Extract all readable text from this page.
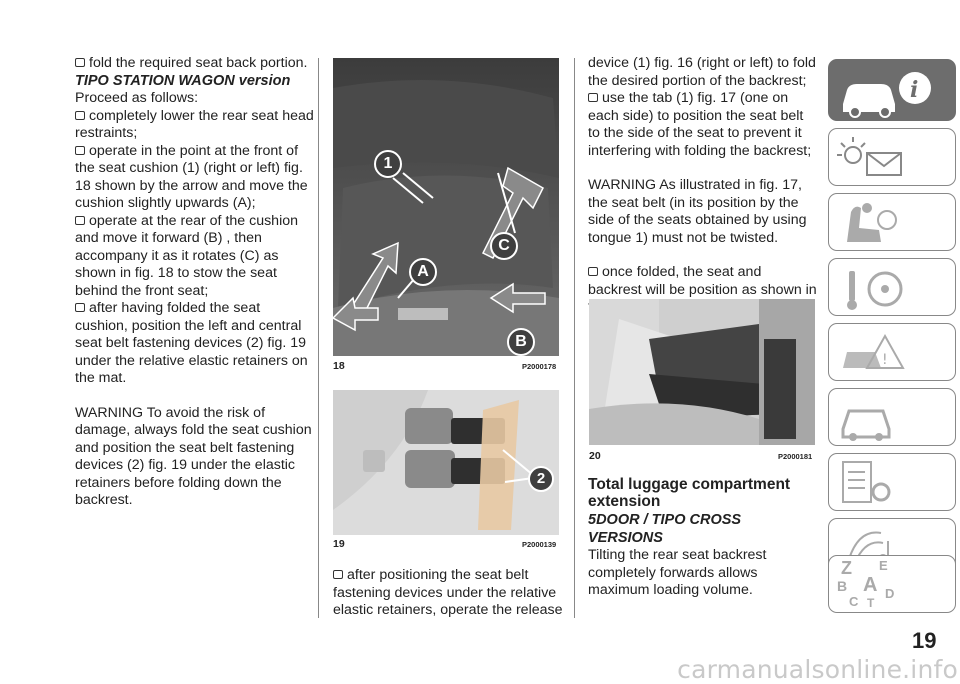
fold the required seat back portion.

TIPO STATION WAGON version

Proceed as follows:

completely lower the rear seat head restraints;

operate in the point at the front of the seat cushion (1) (right or left) fig. 18 shown by the arrow and move the cushion slightly upwards (A);

operate at the rear of the cushion and move it forward (B) , then accompany it as it rotates (C) as shown in fig. 18 to stow the seat behind the front seat;

after having folded the seat cushion, position the left and central seat belt fastening devices (2) fig. 19 under the relative elastic retainers on the mat.

WARNING To avoid the risk of damage, always fold the seat cushion and position the seat belt fastening devices (2) fig. 19 under the elastic retainers before folding down the backrest.

1
C
A
B
18	P2000178
2
19	P2000139

after positioning the seat belt fastening devices under the relative elastic retainers, operate the release

device (1) fig. 16 (right or left) to fold the desired portion of the backrest;

use the tab (1) fig. 17 (one on each side) to position the seat belt to the side of the seat to prevent it interfering with folding the backrest;

WARNING As illustrated in fig. 17, the seat belt (in its position by the side of the seats obtained by using tongue 1) must not be twisted.

once folded, the seat and backrest will be position as shown in

20	P2000181

Total luggage compartment extension

5DOOR / TIPO CROSS VERSIONS

Tilting the rear seat backrest completely forwards allows maximum loading volume.

i
!
Z E
B A
C
D
T
19
carmanualsonline.info
